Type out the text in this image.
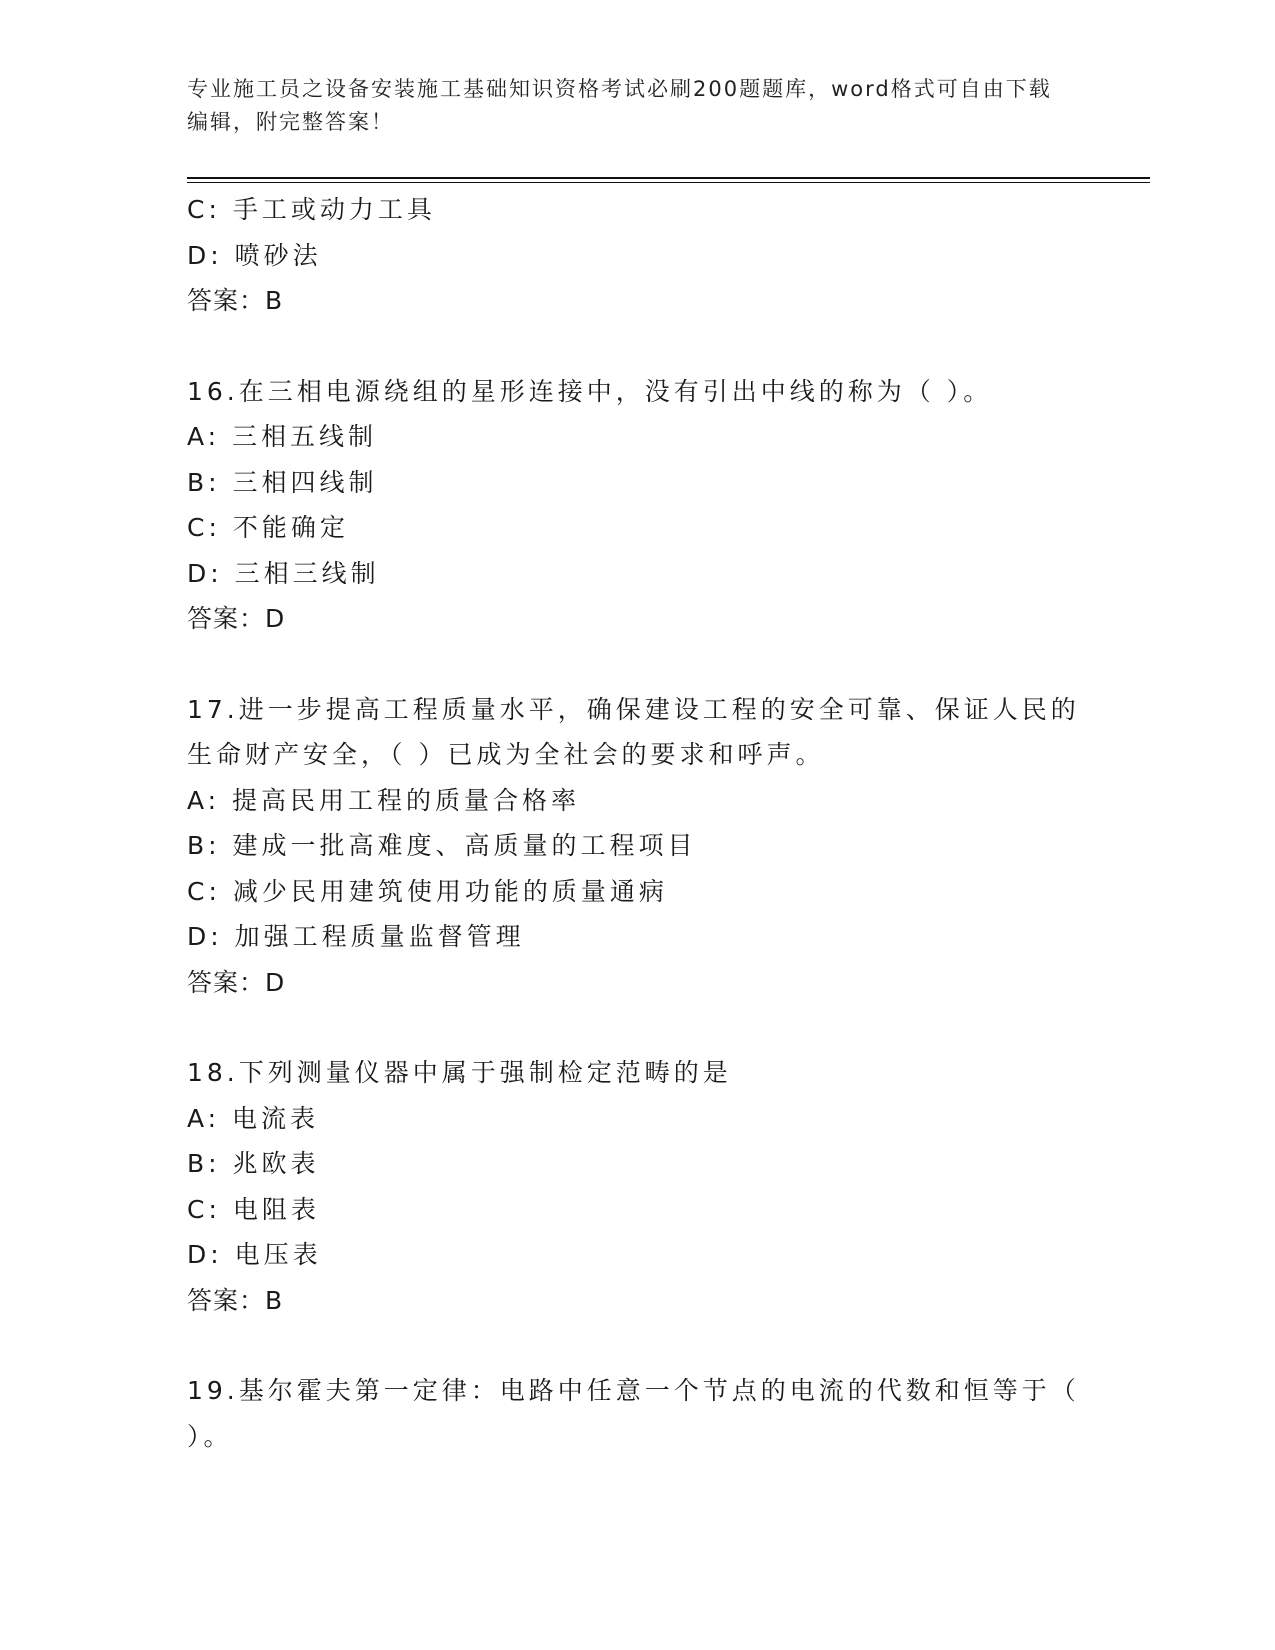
专业施工员之设备安装施工基础知识资格考试必刷200题题库，word格式可自由下载编辑，附完整答案！
C: 手工或动力工具
D: 喷砂法
答案：B
16.在三相电源绕组的星形连接中，没有引出中线的称为（ ）。
A: 三相五线制
B: 三相四线制
C: 不能确定
D: 三相三线制
答案：D
17.进一步提高工程质量水平，确保建设工程的安全可靠、保证人民的
生命财产安全，（ ）已成为全社会的要求和呼声。
A: 提高民用工程的质量合格率
B: 建成一批高难度、高质量的工程项目
C: 减少民用建筑使用功能的质量通病
D: 加强工程质量监督管理
答案：D
18.下列测量仪器中属于强制检定范畴的是
A: 电流表
B: 兆欧表
C: 电阻表
D: 电压表
答案：B
19.基尔霍夫第一定律：电路中任意一个节点的电流的代数和恒等于（
）。
